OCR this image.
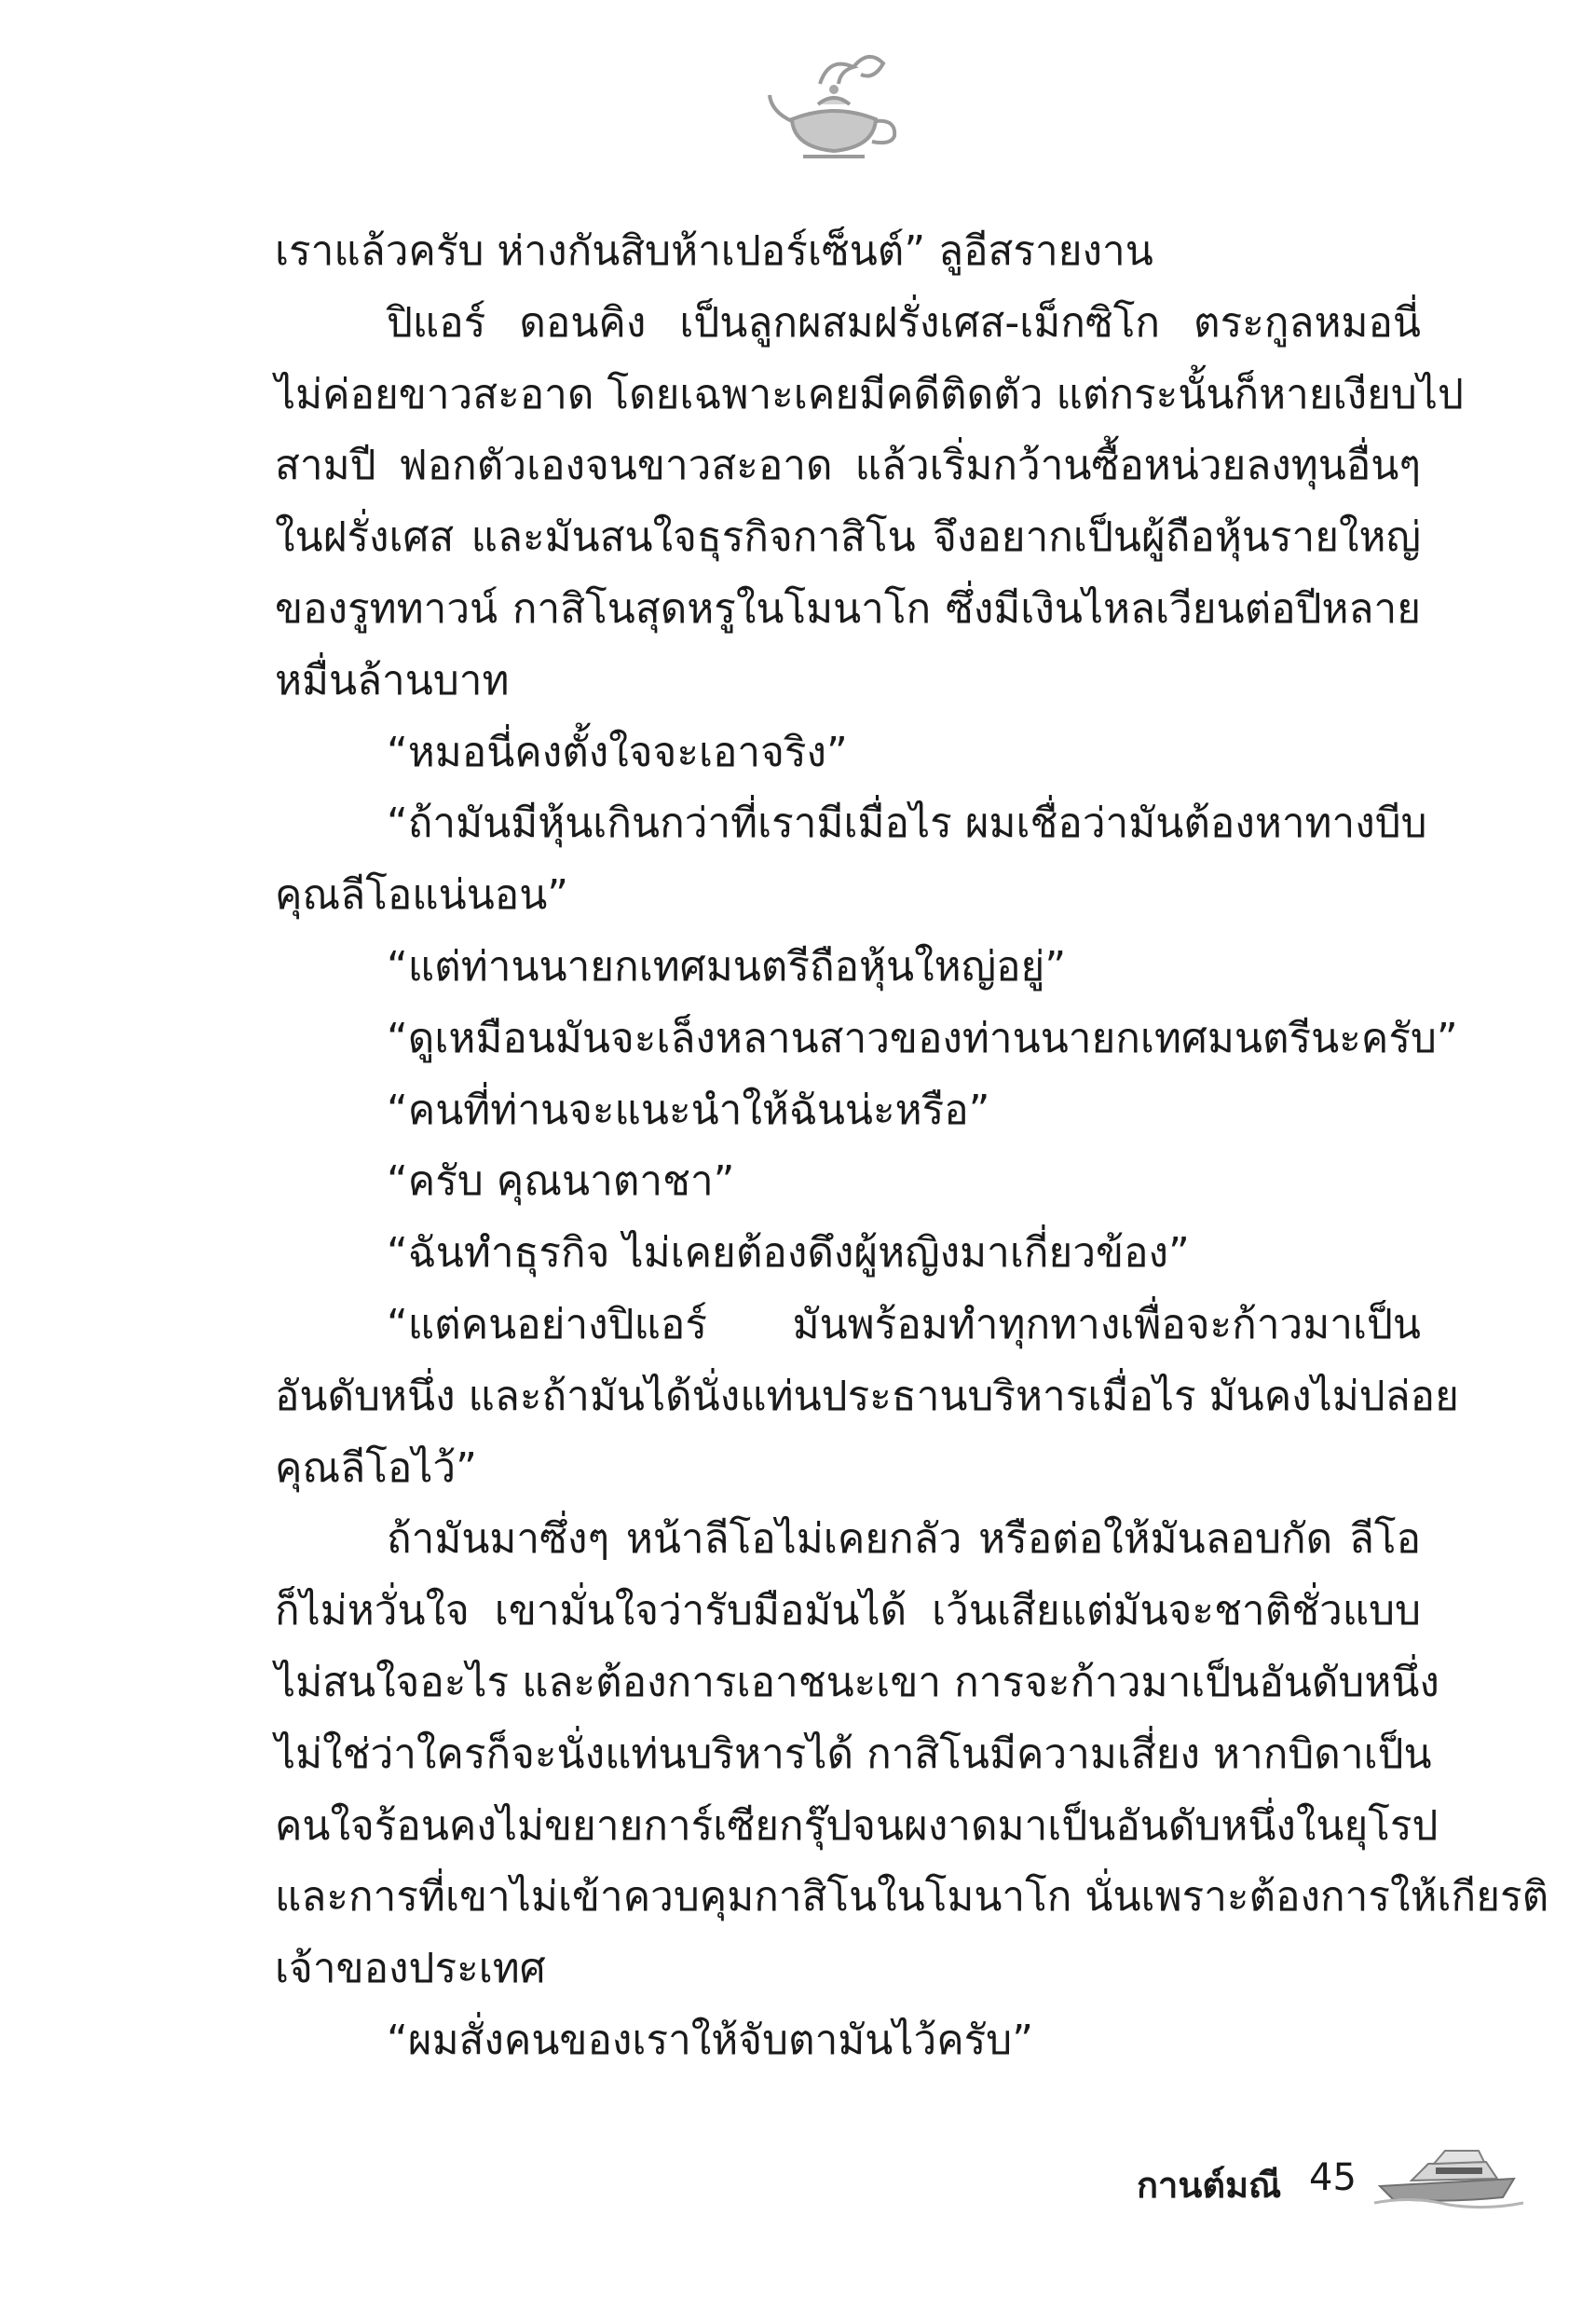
เราแล้วครับ ห่างกันสิบห้าเปอร์เซ็นต์” ลูอีสรายงาน
ปิแอร์ ดอนคิง เป็นลูกผสมฝรั่งเศส-เม็กซิโก ตระกูลหมอนี่
ไม่ค่อยขาวสะอาด โดยเฉพาะเคยมีคดีติดตัว แต่กระนั้นก็หายเงียบไป
สามปี ฟอกตัวเองจนขาวสะอาด แล้วเริ่มกว้านซื้อหน่วยลงทุนอื่นๆ
ในฝรั่งเศส และมันสนใจธุรกิจกาสิโน จึงอยากเป็นผู้ถือหุ้นรายใหญ่
ของรูททาวน์ กาสิโนสุดหรูในโมนาโก ซึ่งมีเงินไหลเวียนต่อปีหลาย
หมื่นล้านบาท
“หมอนี่คงตั้งใจจะเอาจริง”
“ถ้ามันมีหุ้นเกินกว่าที่เรามีเมื่อไร ผมเชื่อว่ามันต้องหาทางบีบ
คุณลีโอแน่นอน”
“แต่ท่านนายกเทศมนตรีถือหุ้นใหญ่อยู่”
“ดูเหมือนมันจะเล็งหลานสาวของท่านนายกเทศมนตรีนะครับ”
“คนที่ท่านจะแนะนำให้ฉันน่ะหรือ”
“ครับ คุณนาตาชา”
“ฉันทำธุรกิจ ไม่เคยต้องดึงผู้หญิงมาเกี่ยวข้อง”
“แต่คนอย่างปิแอร์ มันพร้อมทำทุกทางเพื่อจะก้าวมาเป็น
อันดับหนึ่ง และถ้ามันได้นั่งแท่นประธานบริหารเมื่อไร มันคงไม่ปล่อย
คุณลีโอไว้”
ถ้ามันมาซึ่งๆ หน้าลีโอไม่เคยกลัว หรือต่อให้มันลอบกัด ลีโอ
ก็ไม่หวั่นใจ เขามั่นใจว่ารับมือมันได้ เว้นเสียแต่มันจะชาติชั่วแบบ
ไม่สนใจอะไร และต้องการเอาชนะเขา การจะก้าวมาเป็นอันดับหนึ่ง
ไม่ใช่ว่าใครก็จะนั่งแท่นบริหารได้ กาสิโนมีความเสี่ยง หากบิดาเป็น
คนใจร้อนคงไม่ขยายการ์เซียกรุ๊ปจนผงาดมาเป็นอันดับหนึ่งในยุโรป
และการที่เขาไม่เข้าควบคุมกาสิโนในโมนาโก นั่นเพราะต้องการให้เกียรติ
เจ้าของประเทศ
“ผมสั่งคนของเราให้จับตามันไว้ครับ”
กานต์มณี 45
